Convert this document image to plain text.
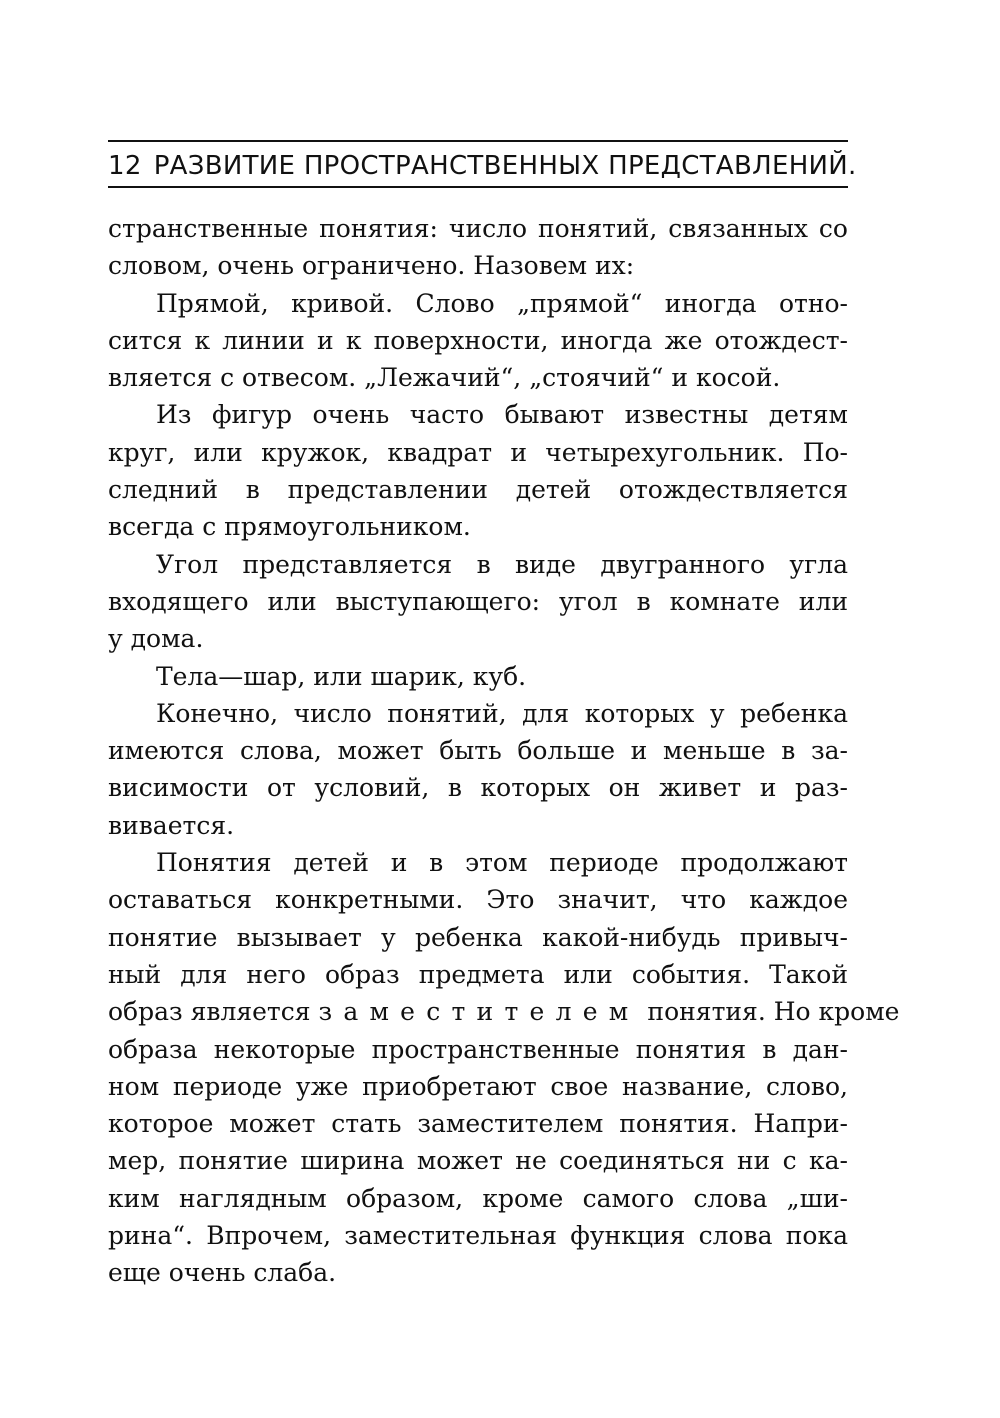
12 РАЗВИТИЕ ПРОСТРАНСТВЕННЫХ ПРЕДСТАВЛЕНИЙ.
странственные понятия: число понятий, связанных со
словом, очень ограничено. Назовем их:
Прямой, кривой. Слово „прямой“ иногда отно-
сится к линии и к поверхности, иногда же отождест-
вляется с отвесом. „Лежачий“, „стоячий“ и косой.
Из фигур очень часто бывают известны детям
круг, или кружок, квадрат и четырехугольник. По-
следний в представлении детей отождествляется
всегда с прямоугольником.
Угол представляется в виде двугранного угла
входящего или выступающего: угол в комнате или
у дома.
Тела—шар, или шарик, куб.
Конечно, число понятий, для которых у ребенка
имеются слова, может быть больше и меньше в за-
висимости от условий, в которых он живет и раз-
вивается.
Понятия детей и в этом периоде продолжают
оставаться конкретными. Это значит, что каждое
понятие вызывает у ребенка какой-нибудь привыч-
ный для него образ предмета или события. Такой
образ является заместителем понятия. Но кроме
образа некоторые пространственные понятия в дан-
ном периоде уже приобретают свое название, слово,
которое может стать заместителем понятия. Напри-
мер, понятие ширина может не соединяться ни с ка-
ким наглядным образом, кроме самого слова „ши-
рина“. Впрочем, заместительная функция слова пока
еще очень слаба.
